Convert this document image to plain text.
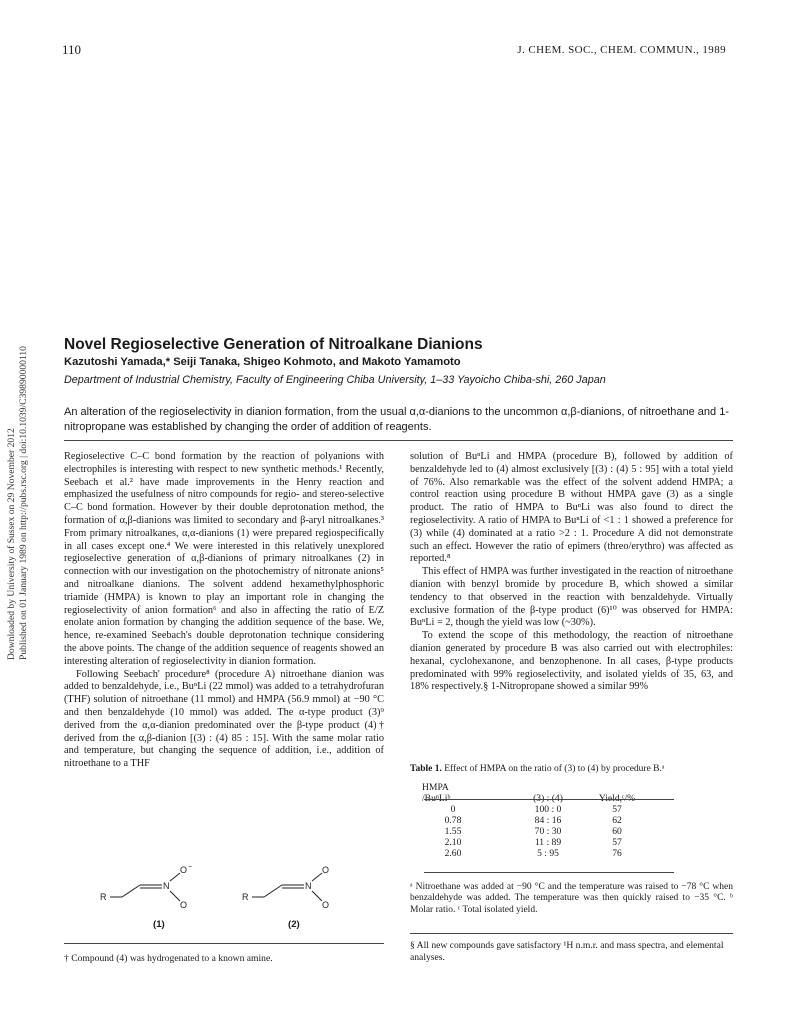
110	J. CHEM. SOC., CHEM. COMMUN., 1989
Downloaded by University of Sussex on 29 November 2012 Published on 01 January 1989 on http://pubs.rsc.org | doi:10.1039/C39890000110
Novel Regioselective Generation of Nitroalkane Dianions
Kazutoshi Yamada,* Seiji Tanaka, Shigeo Kohmoto, and Makoto Yamamoto
Department of Industrial Chemistry, Faculty of Engineering Chiba University, 1–33 Yayoicho Chiba-shi, 260 Japan
An alteration of the regioselectivity in dianion formation, from the usual α,α-dianions to the uncommon α,β-dianions, of nitroethane and 1-nitropropane was established by changing the order of addition of reagents.

Regioselective C–C bond formation by the reaction of polyanions with electrophiles is interesting with respect to new synthetic methods.¹ Recently, Seebach et al.² have made improvements in the Henry reaction and emphasized the usefulness of nitro compounds for regio- and stereo-selective C–C bond formation. However by their double deprotonation method, the formation of α,β-dianions was limited to secondary and β-aryl nitroalkanes.³ From primary nitroalkanes, α,α-dianions (1) were prepared regiospecifically in all cases except one.⁴ We were interested in this relatively unexplored regioselective generation of α,β-dianions of primary nitroalkanes (2) in connection with our investigation on the photochemistry of nitronate anions⁵ and nitroalkane dianions. The solvent addend hexamethylphosphoric triamide (HMPA) is known to play an important role in changing the regioselectivity of anion formation⁶ and also in affecting the ratio of E/Z enolate anion formation by changing the addition sequence of the base. We, hence, re-examined Seebach's double deprotonation technique considering the above points. The change of the addition sequence of reagents showed an interesting alteration of regioselectivity in dianion formation.

Following Seebach' procedure⁸ (procedure A) nitroethane dianion was added to benzaldehyde, i.e., BuⁿLi (22 mmol) was added to a tetrahydrofuran (THF) solution of nitroethane (11 mmol) and HMPA (56.9 mmol) at −90 °C and then benzaldehyde (10 mmol) was added. The α-type product (3)⁹ derived from the α,α-dianion predominated over the β-type product (4)† derived from the α,β-dianion [(3) : (4) 85 : 15]. With the same molar ratio and temperature, but changing the sequence of addition, i.e., addition of nitroethane to a THF

solution of BuⁿLi and HMPA (procedure B), followed by addition of benzaldehyde led to (4) almost exclusively [(3) : (4) 5 : 95] with a total yield of 76%. Also remarkable was the effect of the solvent addend HMPA; a control reaction using procedure B without HMPA gave (3) as a single product. The ratio of HMPA to BuⁿLi was also found to direct the regioselectivity. A ratio of HMPA to BuⁿLi of <1 : 1 showed a preference for (3) while (4) dominated at a ratio >2 : 1. Procedure A did not demonstrate such an effect. However the ratio of epimers (threo/erythro) was affected as reported.⁸

This effect of HMPA was further investigated in the reaction of nitroethane dianion with benzyl bromide by procedure B, which showed a similar tendency to that observed in the reaction with benzaldehyde. Virtually exclusive formation of the β-type product (6)¹⁰ was observed for HMPA: BuⁿLi = 2, though the yield was low (~30%).

To extend the scope of this methodology, the reaction of nitroethane dianion generated by procedure B was also carried out with electrophiles: hexanal, cyclohexanone, and benzophenone. In all cases, β-type products predominated with 99% regioselectivity, and isolated yields of 35, 63, and 18% respectively.§ 1-Nitropropane showed a similar 99%

Table 1. Effect of HMPA on the ratio of (3) to (4) by procedure B.ᵃ
HMPA		
/BuⁿLiᵇ	(3) : (4)	Yield,ᶜ/%
0	100 : 0	57
0.78	84 : 16	62
1.55	70 : 30	60
2.10	11 : 89	57
2.60	5 : 95	76
ᵃ Nitroethane was added at −90 °C and the temperature was raised to −78 °C when benzaldehyde was added. The temperature was then quickly raised to −35 °C. ᵇ Molar ratio. ᶜ Total isolated yield.
R
N
O −
O
R
N
O
O
(1)	(2)
† Compound (4) was hydrogenated to a known amine.
§ All new compounds gave satisfactory ¹H n.m.r. and mass spectra, and elemental analyses.
